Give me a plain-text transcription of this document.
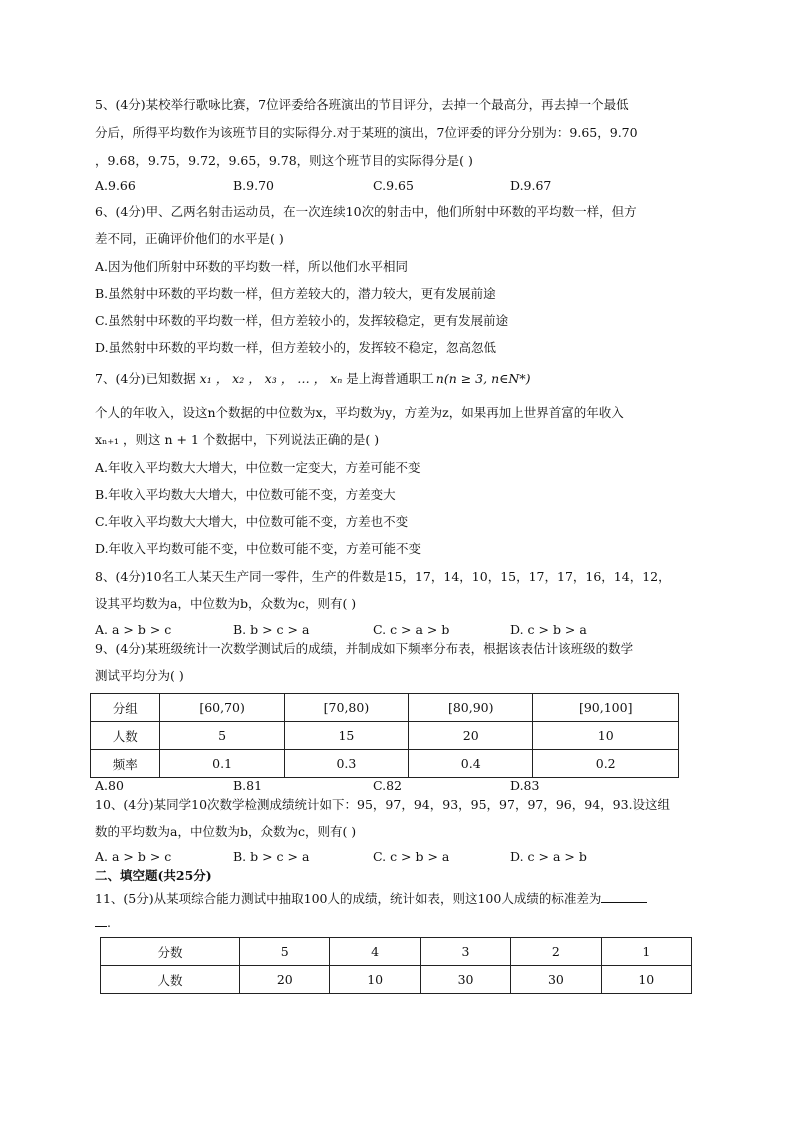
5、(4分)某校举行歌咏比赛，7位评委给各班演出的节目评分，去掉一个最高分，再去掉一个最低
分后，所得平均数作为该班节目的实际得分.对于某班的演出，7位评委的评分分别为：9.65，9.70
，9.68，9.75，9.72，9.65，9.78，则这个班节目的实际得分是( )
A.9.66	B.9.70	C.9.65	D.9.67
6、(4分)甲、乙两名射击运动员，在一次连续10次的射击中，他们所射中环数的平均数一样，但方
差不同，正确评价他们的水平是( )
A.因为他们所射中环数的平均数一样，所以他们水平相同
B.虽然射中环数的平均数一样，但方差较大的，潜力较大，更有发展前途
C.虽然射中环数的平均数一样，但方差较小的，发挥较稳定，更有发展前途
D.虽然射中环数的平均数一样，但方差较小的，发挥较不稳定，忽高忽低
7、(4分)已知数据 x₁ ， x₂ ， x₃ ， … ， xₙ 是上海普通职工 n(n ≥ 3, n∈N*)
个人的年收入，设这n个数据的中位数为x，平均数为y，方差为z，如果再加上世界首富的年收入
xₙ₊₁ ，则这 n + 1 个数据中，下列说法正确的是( )
A.年收入平均数大大增大，中位数一定变大，方差可能不变
B.年收入平均数大大增大，中位数可能不变，方差变大
C.年收入平均数大大增大，中位数可能不变，方差也不变
D.年收入平均数可能不变，中位数可能不变，方差可能不变
8、(4分)10名工人某天生产同一零件，生产的件数是15，17，14，10，15，17，17，16，14，12，
设其平均数为a，中位数为b，众数为c，则有( )
A. a > b > c	B. b > c > a	C. c > a > b	D. c > b > a
9、(4分)某班级统计一次数学测试后的成绩，并制成如下频率分布表，根据该表估计该班级的数学
测试平均分为( )
分组	[60,70)	[70,80)	[80,90)	[90,100]
人数	5	15	20	10
频率	0.1	0.3	0.4	0.2
A.80	B.81	C.82	D.83
10、(4分)某同学10次数学检测成绩统计如下：95，97，94，93，95，97，97，96，94，93.设这组
数的平均数为a，中位数为b，众数为c，则有( )
A. a > b > c	B. b > c > a	C. c > b > a	D. c > a > b
二、填空题(共25分)
11、(5分)从某项综合能力测试中抽取100人的成绩，统计如表，则这100人成绩的标准差为
.
分数	5	4	3	2	1
人数	20	10	30	30	10
